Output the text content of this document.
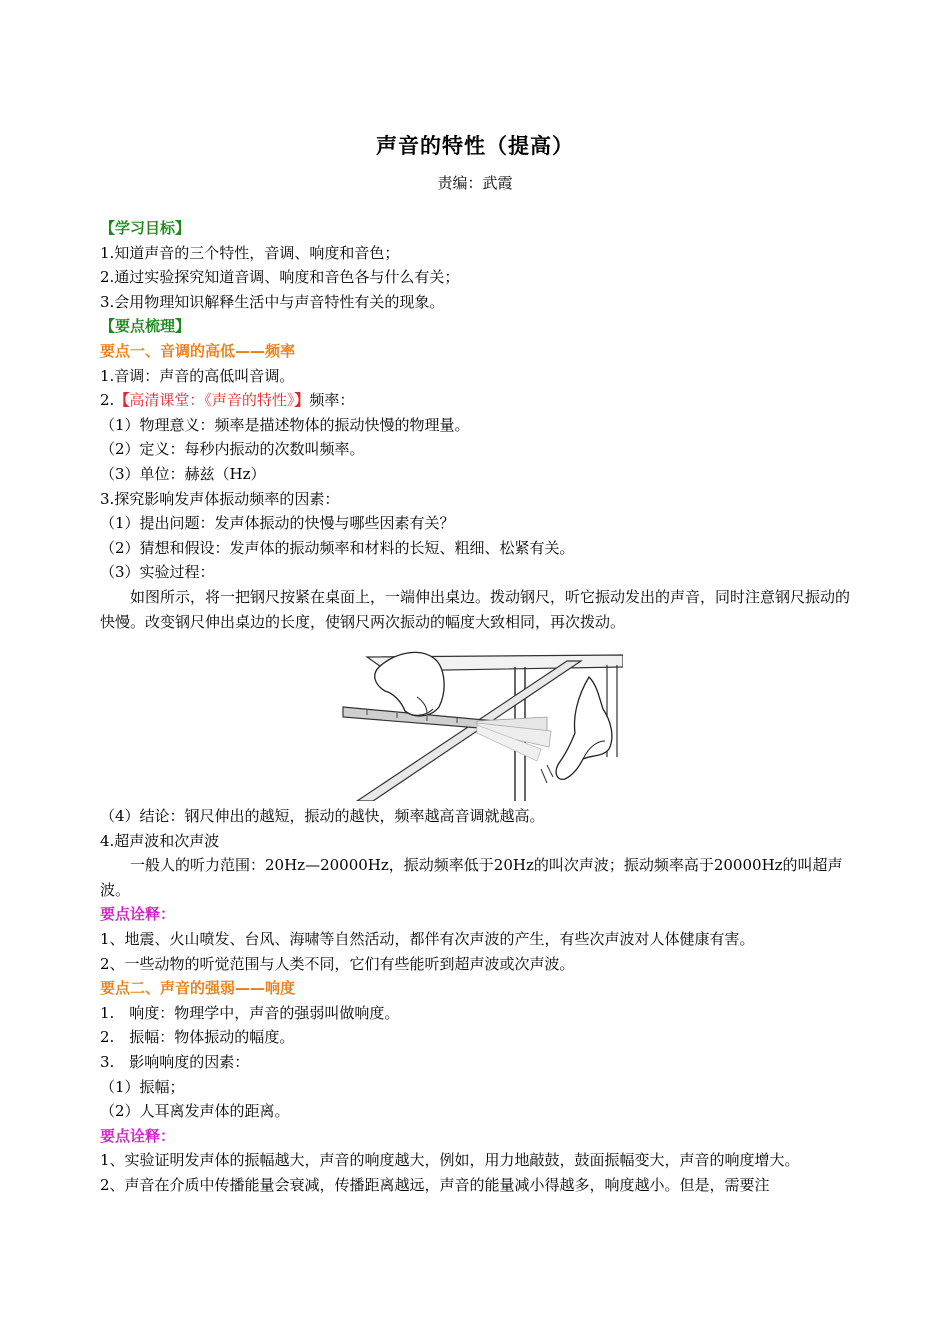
声音的特性（提高）
责编：武霞
【学习目标】
1.知道声音的三个特性，音调、响度和音色；
2.通过实验探究知道音调、响度和音色各与什么有关；
3.会用物理知识解释生活中与声音特性有关的现象。
【要点梳理】
要点一、音调的高低——频率
1.音调：声音的高低叫音调。
2.【高清课堂：《声音的特性》】频率：
（1）物理意义：频率是描述物体的振动快慢的物理量。
（2）定义：每秒内振动的次数叫频率。
（3）单位：赫兹（Hz）
3.探究影响发声体振动频率的因素：
（1）提出问题：发声体振动的快慢与哪些因素有关？
（2）猜想和假设：发声体的振动频率和材料的长短、粗细、松紧有关。
（3）实验过程：
如图所示，将一把钢尺按紧在桌面上，一端伸出桌边。拨动钢尺，听它振动发出的声音，同时注意钢尺振动的快慢。改变钢尺伸出桌边的长度，使钢尺两次振动的幅度大致相同，再次拨动。
（4）结论：钢尺伸出的越短，振动的越快，频率越高音调就越高。
4.超声波和次声波
一般人的听力范围：20Hz—20000Hz，振动频率低于20Hz的叫次声波；振动频率高于20000Hz的叫超声波。
要点诠释：
1、地震、火山喷发、台风、海啸等自然活动，都伴有次声波的产生，有些次声波对人体健康有害。
2、一些动物的听觉范围与人类不同，它们有些能听到超声波或次声波。
要点二、声音的强弱——响度
1.　响度：物理学中，声音的强弱叫做响度。
2.　振幅：物体振动的幅度。
3.　影响响度的因素：
（1）振幅；
（2）人耳离发声体的距离。
要点诠释：
1、实验证明发声体的振幅越大，声音的响度越大，例如，用力地敲鼓，鼓面振幅变大，声音的响度增大。
2、声音在介质中传播能量会衰减，传播距离越远，声音的能量减小得越多，响度越小。但是，需要注
